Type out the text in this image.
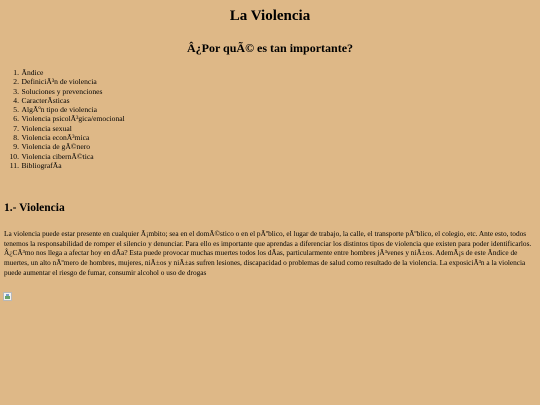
La Violencia
Â¿Por quÃ© es tan importante?
1. Ãndice
2. DefiniciÃ³n de violencia
3. Soluciones y prevenciones
4. CaracterÃsticas
5. AlgÃºn tipo de violencia
6. Violencia psicolÃ³gica/emocional
7. Violencia sexual
8. Violencia econÃ³mica
9. Violencia de gÃ©nero
10. Violencia cibernÃ©tica
11. BibliografÃa
1.- Violencia

La violencia puede estar presente en cualquier Ã¡mbito; sea en el domÃ©stico o en el pÃºblico, el lugar de trabajo, la calle, el transporte pÃºblico, el colegio, etc. Ante esto, todos tenemos la responsabilidad de romper el silencio y denunciar. Para ello es importante que aprendas a diferenciar los distintos tipos de violencia que existen para poder identificarlos. Â¿CÃ³mo nos llega a afectar hoy en dÃa? Esta puede provocar muchas muertes todos los dÃas, particularmente entre hombres jÃ³venes y niÃ±os. AdemÃ¡s de este Ãndice de muertes, un alto nÃºmero de hombres, mujeres, niÃ±os y niÃ±as sufren lesiones, discapacidad o problemas de salud como resultado de la violencia. La exposiciÃ³n a la violencia puede aumentar el riesgo de fumar, consumir alcohol o uso de drogas
